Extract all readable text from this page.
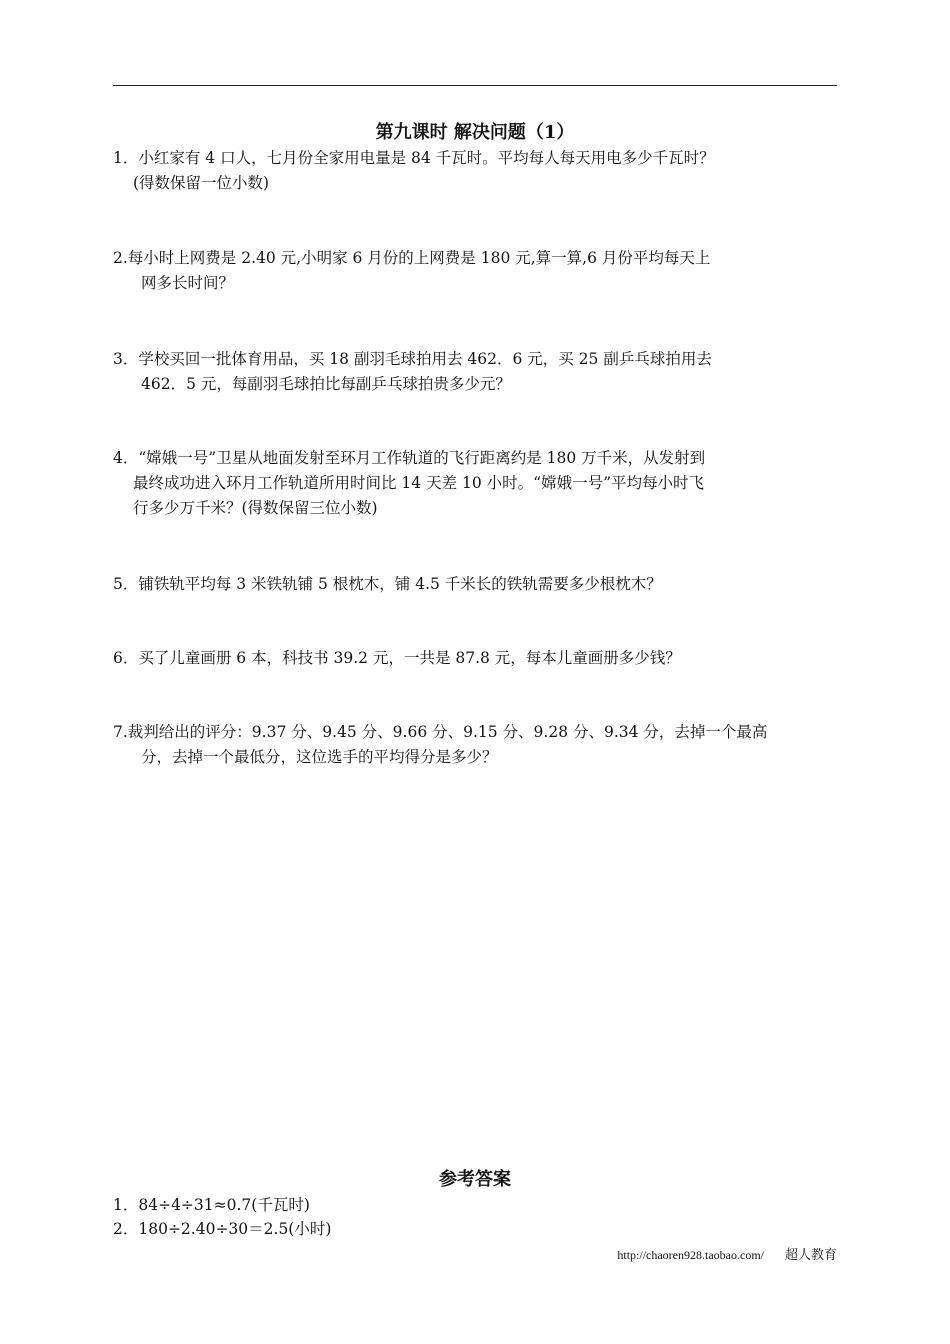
第九课时 解决问题（1）
1．小红家有 4 口人，七月份全家用电量是 84 千瓦时。平均每人每天用电多少千瓦时？
(得数保留一位小数)
2.每小时上网费是 2.40 元,小明家 6 月份的上网费是 180 元,算一算,6 月份平均每天上
网多长时间？
3．学校买回一批体育用品，买 18 副羽毛球拍用去 462．6 元，买 25 副乒乓球拍用去
462．5 元，每副羽毛球拍比每副乒乓球拍贵多少元？
4．“嫦娥一号”卫星从地面发射至环月工作轨道的飞行距离约是 180 万千米，从发射到
最终成功进入环月工作轨道所用时间比 14 天差 10 小时。“嫦娥一号”平均每小时飞
行多少万千米？(得数保留三位小数)
5．铺铁轨平均每 3 米铁轨铺 5 根枕木，铺 4.5 千米长的铁轨需要多少根枕木？
6．买了儿童画册 6 本，科技书 39.2 元，一共是 87.8 元，每本儿童画册多少钱？
7.裁判给出的评分：9.37 分、9.45 分、9.66 分、9.15 分、9.28 分、9.34 分，去掉一个最高
分，去掉一个最低分，这位选手的平均得分是多少？
参考答案
1．84÷4÷31≈0.7(千瓦时)
2．180÷2.40÷30＝2.5(小时)
http://chaoren928.taobao.com/ 超人教育
